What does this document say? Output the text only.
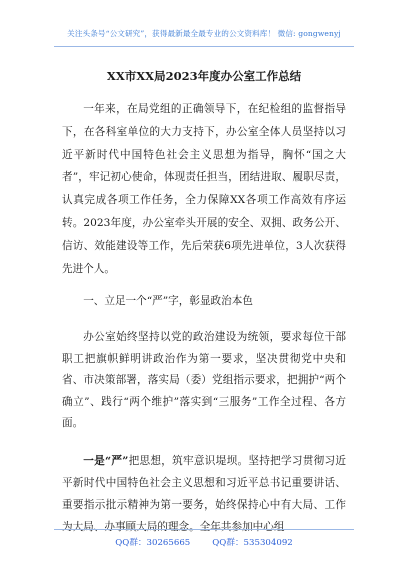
关注头条号“公文研究”，获得最新最全最专业的公文资料库！ 微信: gongwenyj
XX市XX局2023年度办公室工作总结

一年来，在局党组的正确领导下，在纪检组的监督指导下，在各科室单位的大力支持下，办公室全体人员坚持以习近平新时代中国特色社会主义思想为指导，胸怀“国之大者”，牢记初心使命，体现责任担当，团结进取、履职尽责，认真完成各项工作任务，全力保障XX各项工作高效有序运转。2023年度，办公室牵头开展的安全、双拥、政务公开、信访、效能建设等工作，先后荣获6项先进单位，3人次获得先进个人。

一、立足一个“严”字，彰显政治本色

办公室始终坚持以党的政治建设为统领，要求每位干部职工把旗帜鲜明讲政治作为第一要求，坚决贯彻党中央和省、市决策部署，落实局（委）党组指示要求，把拥护“两个确立”、践行“两个维护”落实到“三服务”工作全过程、各方面。

一是“严”把思想，筑牢意识堤坝。坚持把学习贯彻习近平新时代中国特色社会主义思想和习近平总书记重要讲话、重要指示批示精神为第一要务，始终保持心中有大局、工作为大局、办事顾大局的理念。全年共参加中心组

QQ群：30265665	QQ群：535304092
